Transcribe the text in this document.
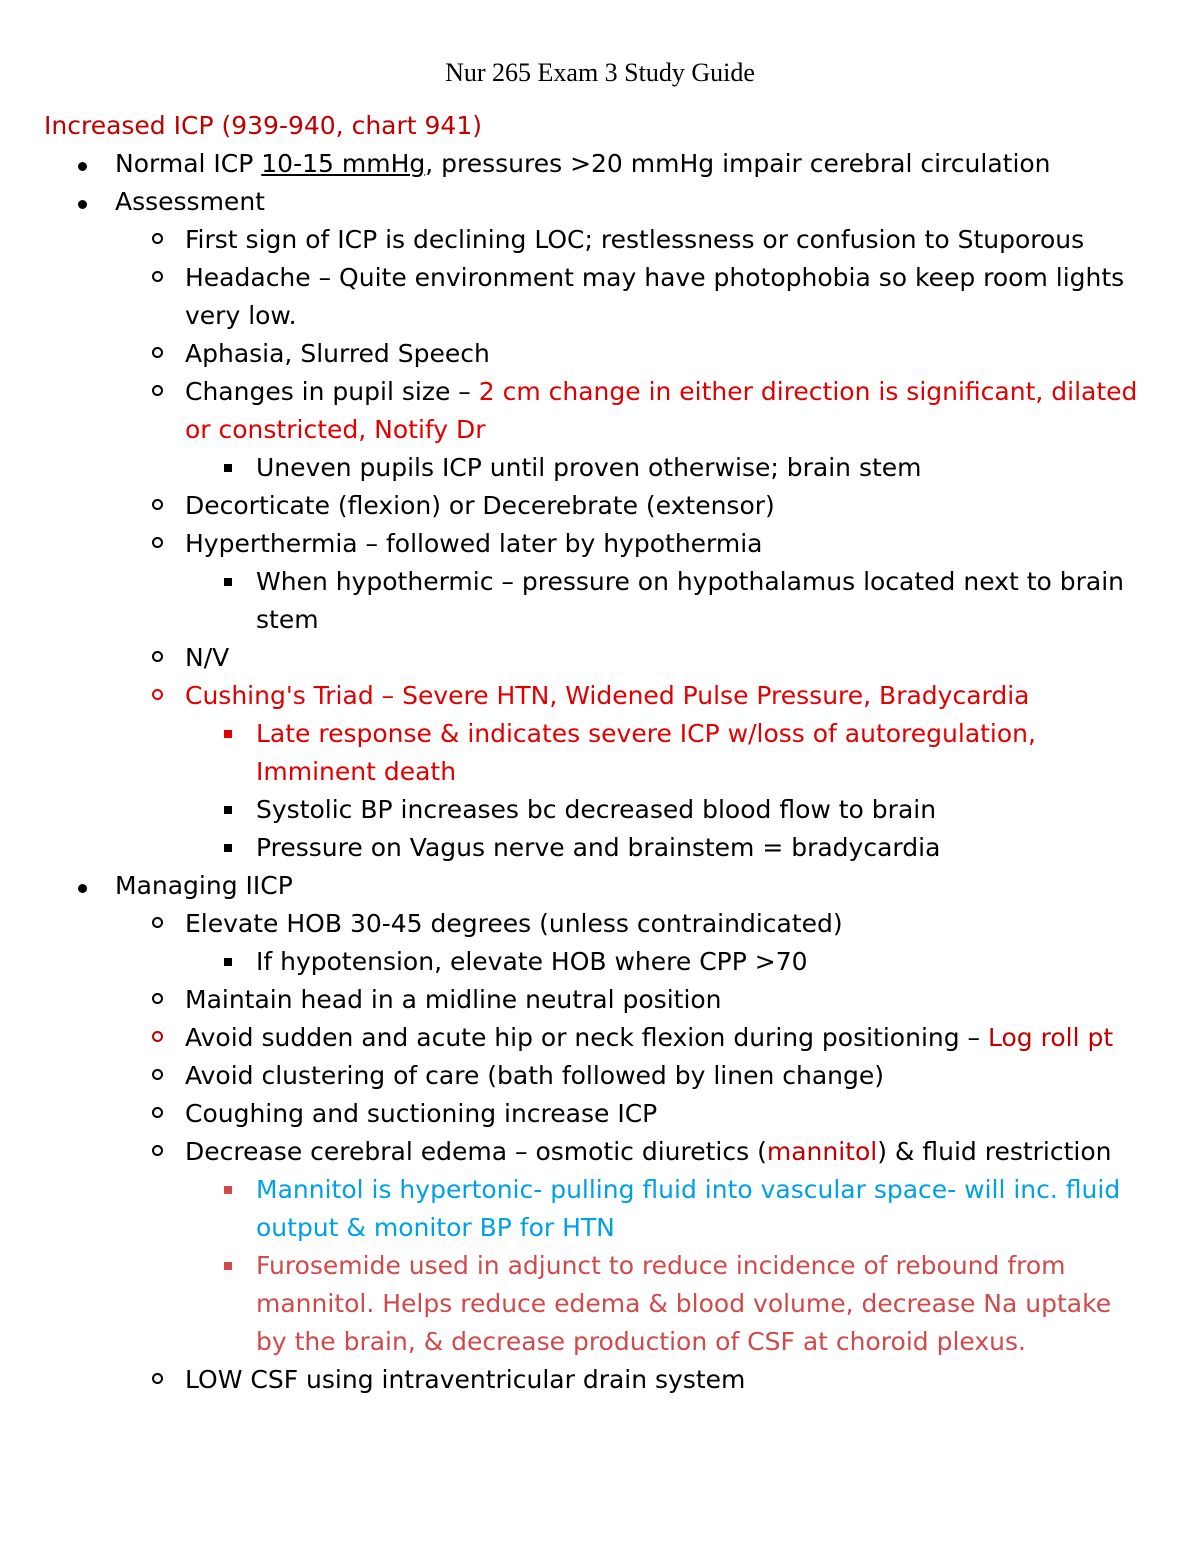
Nur 265 Exam 3 Study Guide
Increased ICP (939-940, chart 941)
Normal ICP 10-15 mmHg, pressures >20 mmHg impair cerebral circulation
Assessment
First sign of ICP is declining LOC; restlessness or confusion to Stuporous
Headache – Quite environment may have photophobia so keep room lights
very low.
Aphasia, Slurred Speech
Changes in pupil size – 2 cm change in either direction is significant, dilated
or constricted, Notify Dr
Uneven pupils ICP until proven otherwise; brain stem
Decorticate (flexion) or Decerebrate (extensor)
Hyperthermia – followed later by hypothermia
When hypothermic – pressure on hypothalamus located next to brain
stem
N/V
Cushing's Triad – Severe HTN, Widened Pulse Pressure, Bradycardia
Late response & indicates severe ICP w/loss of autoregulation,
Imminent death
Systolic BP increases bc decreased blood flow to brain
Pressure on Vagus nerve and brainstem = bradycardia
Managing IICP
Elevate HOB 30-45 degrees (unless contraindicated)
If hypotension, elevate HOB where CPP >70
Maintain head in a midline neutral position
Avoid sudden and acute hip or neck flexion during positioning – Log roll pt
Avoid clustering of care (bath followed by linen change)
Coughing and suctioning increase ICP
Decrease cerebral edema – osmotic diuretics (mannitol) & fluid restriction
Mannitol is hypertonic- pulling fluid into vascular space- will inc. fluid
output & monitor BP for HTN
Furosemide used in adjunct to reduce incidence of rebound from
mannitol. Helps reduce edema & blood volume, decrease Na uptake
by the brain, & decrease production of CSF at choroid plexus.
LOW CSF using intraventricular drain system
